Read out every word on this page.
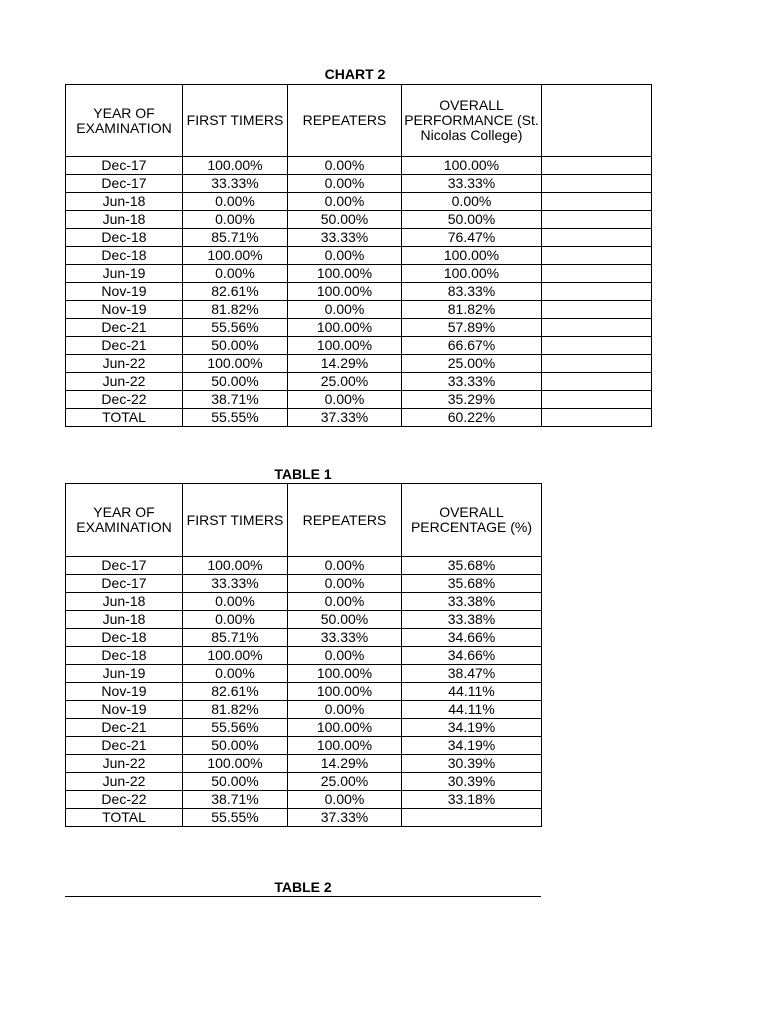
CHART 2
YEAR OF EXAMINATION	FIRST TIMERS	REPEATERS	OVERALL PERFORMANCE (St. Nicolas College)	
Dec-17	100.00%	0.00%	100.00%	
Dec-17	33.33%	0.00%	33.33%	
Jun-18	0.00%	0.00%	0.00%	
Jun-18	0.00%	50.00%	50.00%	
Dec-18	85.71%	33.33%	76.47%	
Dec-18	100.00%	0.00%	100.00%	
Jun-19	0.00%	100.00%	100.00%	
Nov-19	82.61%	100.00%	83.33%	
Nov-19	81.82%	0.00%	81.82%	
Dec-21	55.56%	100.00%	57.89%	
Dec-21	50.00%	100.00%	66.67%	
Jun-22	100.00%	14.29%	25.00%	
Jun-22	50.00%	25.00%	33.33%	
Dec-22	38.71%	0.00%	35.29%	
TOTAL	55.55%	37.33%	60.22%	
TABLE 1
YEAR OF EXAMINATION	FIRST TIMERS	REPEATERS	OVERALL PERCENTAGE (%)
Dec-17	100.00%	0.00%	35.68%
Dec-17	33.33%	0.00%	35.68%
Jun-18	0.00%	0.00%	33.38%
Jun-18	0.00%	50.00%	33.38%
Dec-18	85.71%	33.33%	34.66%
Dec-18	100.00%	0.00%	34.66%
Jun-19	0.00%	100.00%	38.47%
Nov-19	82.61%	100.00%	44.11%
Nov-19	81.82%	0.00%	44.11%
Dec-21	55.56%	100.00%	34.19%
Dec-21	50.00%	100.00%	34.19%
Jun-22	100.00%	14.29%	30.39%
Jun-22	50.00%	25.00%	30.39%
Dec-22	38.71%	0.00%	33.18%
TOTAL	55.55%	37.33%	
TABLE 2
